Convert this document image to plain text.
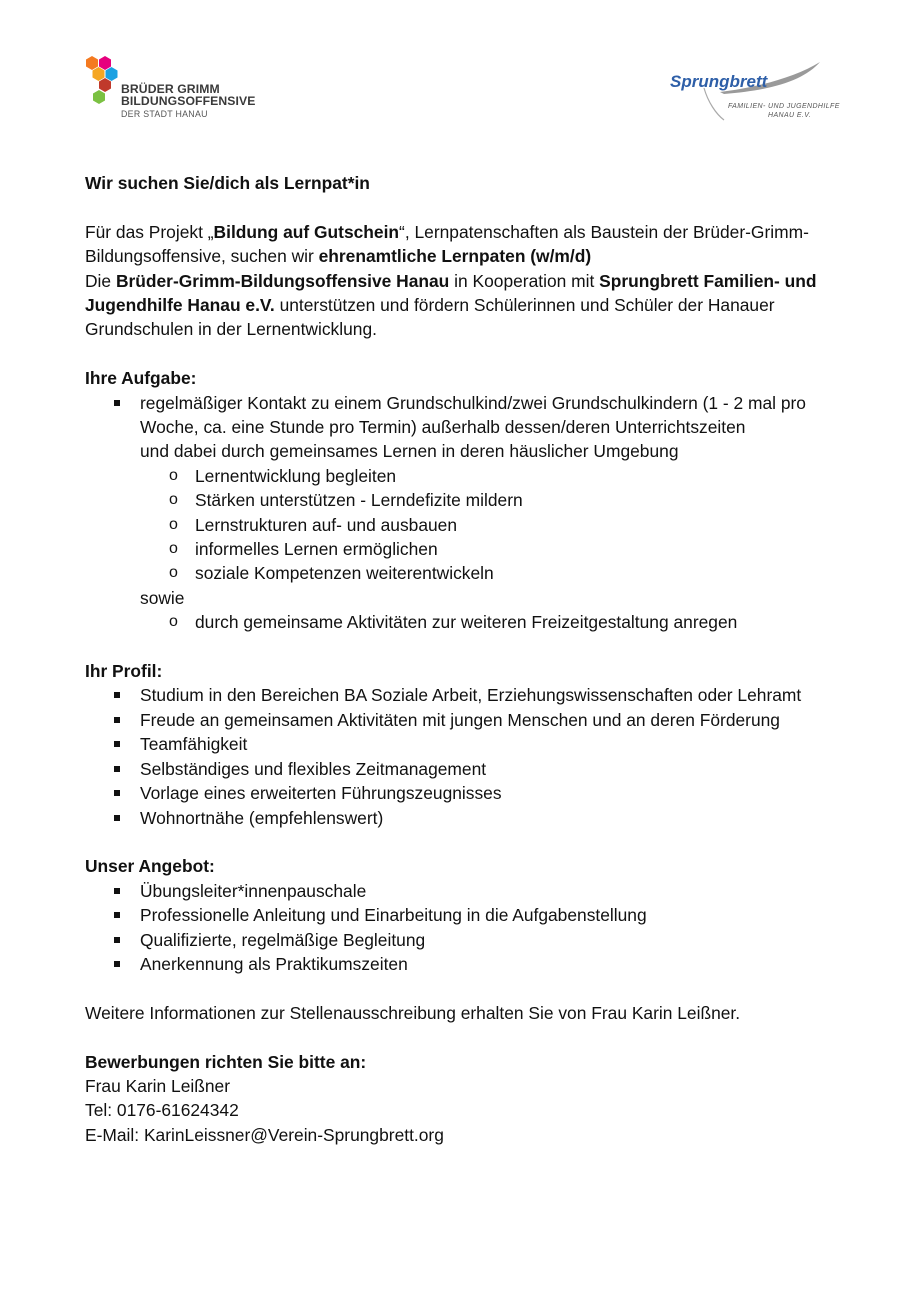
BRÜDER GRIMM
BILDUNGSOFFENSIVE
DER STADT HANAU
Sprungbrett
FAMILIEN- UND JUGENDHILFE
HANAU E.V.

Wir suchen Sie/dich als Lernpat*in

Für das Projekt „Bildung auf Gutschein“, Lernpatenschaften als Baustein der Brüder-Grimm-Bildungsoffensive, suchen wir ehrenamtliche Lernpaten (w/m/d)

Die Brüder-Grimm-Bildungsoffensive Hanau in Kooperation mit Sprungbrett Familien- und Jugendhilfe Hanau e.V. unterstützen und fördern Schülerinnen und Schüler der Hanauer Grundschulen in der Lernentwicklung.

Ihre Aufgabe:

regelmäßiger Kontakt zu einem Grundschulkind/zwei Grundschulkindern (1 - 2 mal pro Woche, ca. eine Stunde pro Termin) außerhalb dessen/deren Unterrichtszeiten

und dabei durch gemeinsames Lernen in deren häuslicher Umgebung

o Lernentwicklung begleiten
o Stärken unterstützen - Lerndefizite mildern
o Lernstrukturen auf- und ausbauen
o informelles Lernen ermöglichen
o soziale Kompetenzen weiterentwickeln

sowie

o durch gemeinsame Aktivitäten zur weiteren Freizeitgestaltung anregen

Ihr Profil:

Studium in den Bereichen BA Soziale Arbeit, Erziehungswissenschaften oder Lehramt
Freude an gemeinsamen Aktivitäten mit jungen Menschen und an deren Förderung
Teamfähigkeit
Selbständiges und flexibles Zeitmanagement
Vorlage eines erweiterten Führungszeugnisses
Wohnortnähe (empfehlenswert)

Unser Angebot:

Übungsleiter*innenpauschale
Professionelle Anleitung und Einarbeitung in die Aufgabenstellung
Qualifizierte, regelmäßige Begleitung
Anerkennung als Praktikumszeiten

Weitere Informationen zur Stellenausschreibung erhalten Sie von Frau Karin Leißner.

Bewerbungen richten Sie bitte an:

Frau Karin Leißner

Tel: 0176-61624342

E-Mail: KarinLeissner@Verein-Sprungbrett.org
